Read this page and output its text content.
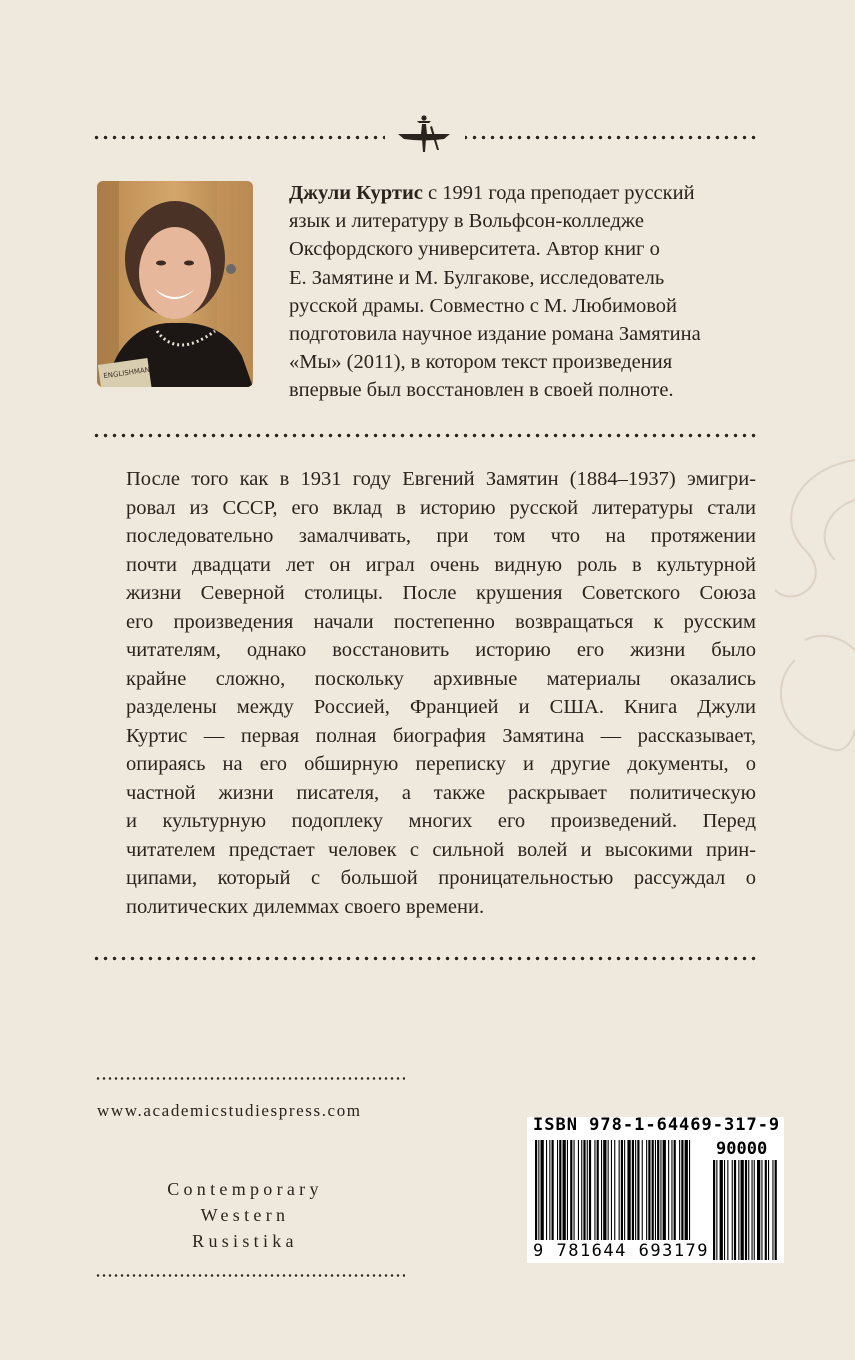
ENGLISHMAN
Джули Куртис с 1991 года преподает русский
язык и литературу в Вольфсон-колледже
Оксфордского университета. Автор книг о
Е. Замятине и М. Булгакове, исследователь
русской драмы. Совместно с М. Любимовой
подготовила научное издание романа Замятина
«Мы» (2011), в котором текст произведения
впервые был восстановлен в своей полноте.
После того как в 1931 году Евгений Замятин (1884–1937) эмигри-
ровал из СССР, его вклад в историю русской литературы стали
последовательно замалчивать, при том что на протяжении
почти двадцати лет он играл очень видную роль в культурной
жизни Северной столицы. После крушения Советского Союза
его произведения начали постепенно возвращаться к русским
читателям, однако восстановить историю его жизни было
крайне сложно, поскольку архивные материалы оказались
разделены между Россией, Францией и США. Книга Джули
Куртис — первая полная биография Замятина — рассказывает,
опираясь на его обширную переписку и другие документы, о
частной жизни писателя, а также раскрывает политическую
и культурную подоплеку многих его произведений. Перед
читателем предстает человек с сильной волей и высокими прин-
ципами, который с большой проницательностью рассуждал о
политических дилеммах своего времени.
www.academicstudiespress.com
Contemporary
Western
Rusistika
ISBN 978-1-64469-317-9
90000
9 781644 693179
